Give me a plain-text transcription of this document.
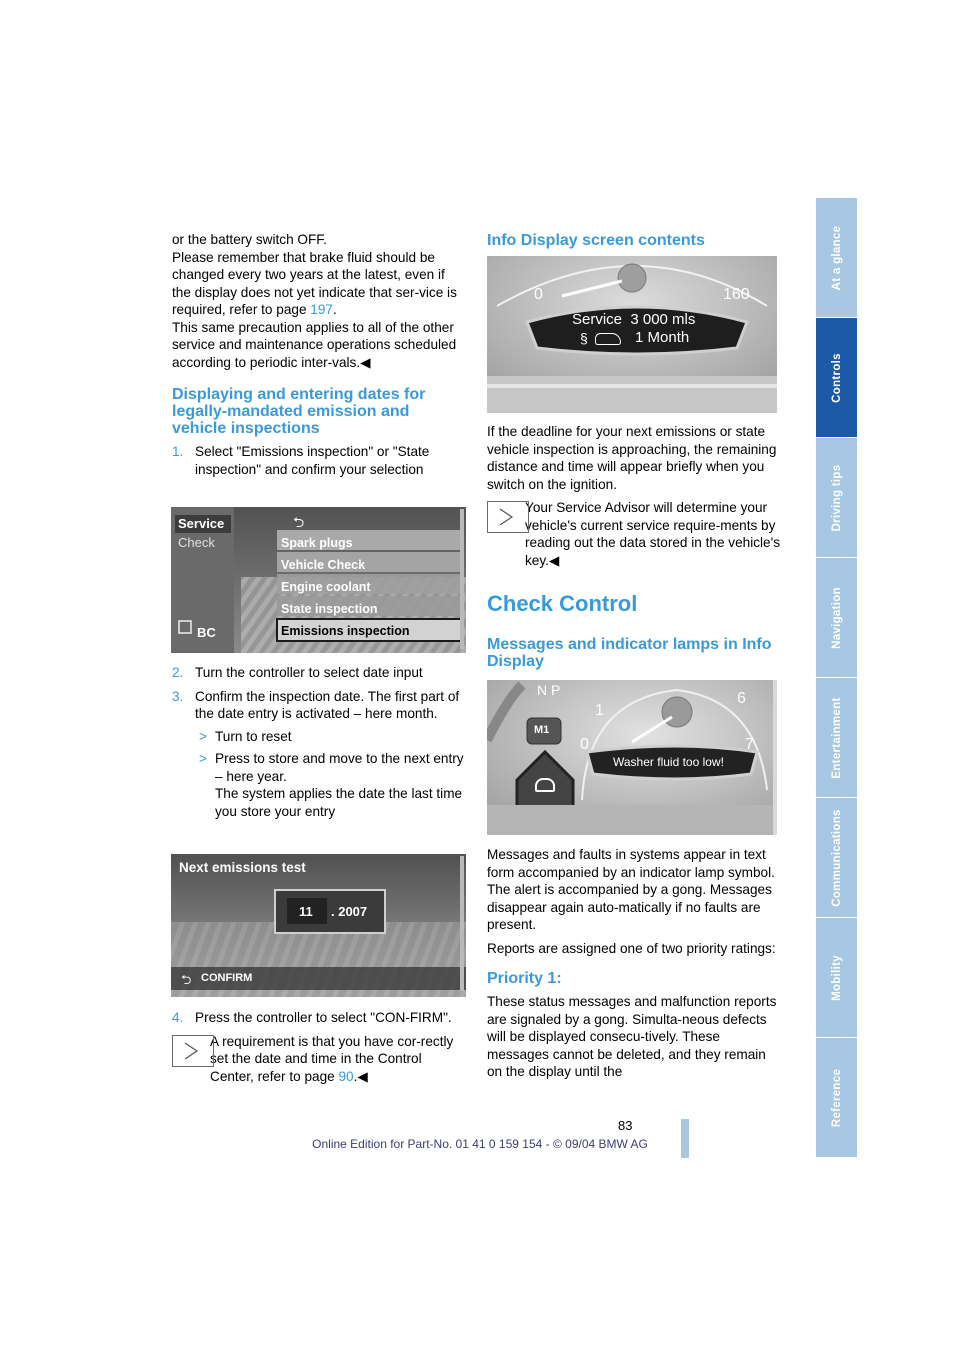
or the battery switch OFF.

Please remember that brake fluid should be changed every two years at the latest, even if the display does not yet indicate that ser-vice is required, refer to page 197.

This same precaution applies to all of the other service and maintenance operations scheduled according to periodic inter-vals.◀

Displaying and entering dates for legally-mandated emission and vehicle inspections
1. Select "Emissions inspection" or "State inspection" and confirm your selection
⮌
Service
Check
BC
Spark plugs
Vehicle Check
Engine coolant
State inspection
Emissions inspection
2. Turn the controller to select date input
3. Confirm the inspection date. The first part of the date entry is activated – here month.
> Turn to reset
> Press to store and move to the next entry – here year.
The system applies the date the last time you store your entry
⮌
Next emissions test
11 . 2007
CONFIRM
4. Press the controller to select "CON-FIRM".
A requirement is that you have cor-rectly set the date and time in the Control Center, refer to page 90.◀
Info Display screen contents
0	160
Service  3 000 mls
§	1 Month

If the deadline for your next emissions or state vehicle inspection is approaching, the remaining distance and time will appear briefly when you switch on the ignition.

Your Service Advisor will determine your vehicle's current service require-ments by reading out the data stored in the vehicle's key.◀
Check Control
Messages and indicator lamps in Info Display
N P
M1
1
6
0	7
Washer fluid too low!

Messages and faults in systems appear in text form accompanied by an indicator lamp symbol. The alert is accompanied by a gong. Messages disappear again auto-matically if no faults are present.

Reports are assigned one of two priority ratings:

Priority 1:

These status messages and malfunction reports are signaled by a gong. Simulta-neous defects will be displayed consecu-tively. These messages cannot be deleted, and they remain on the display until the

At a glance
Controls
Driving tips
Navigation
Entertainment
Communications
Mobility
Reference
83
Online Edition for Part-No. 01 41 0 159 154 - © 09/04 BMW AG
